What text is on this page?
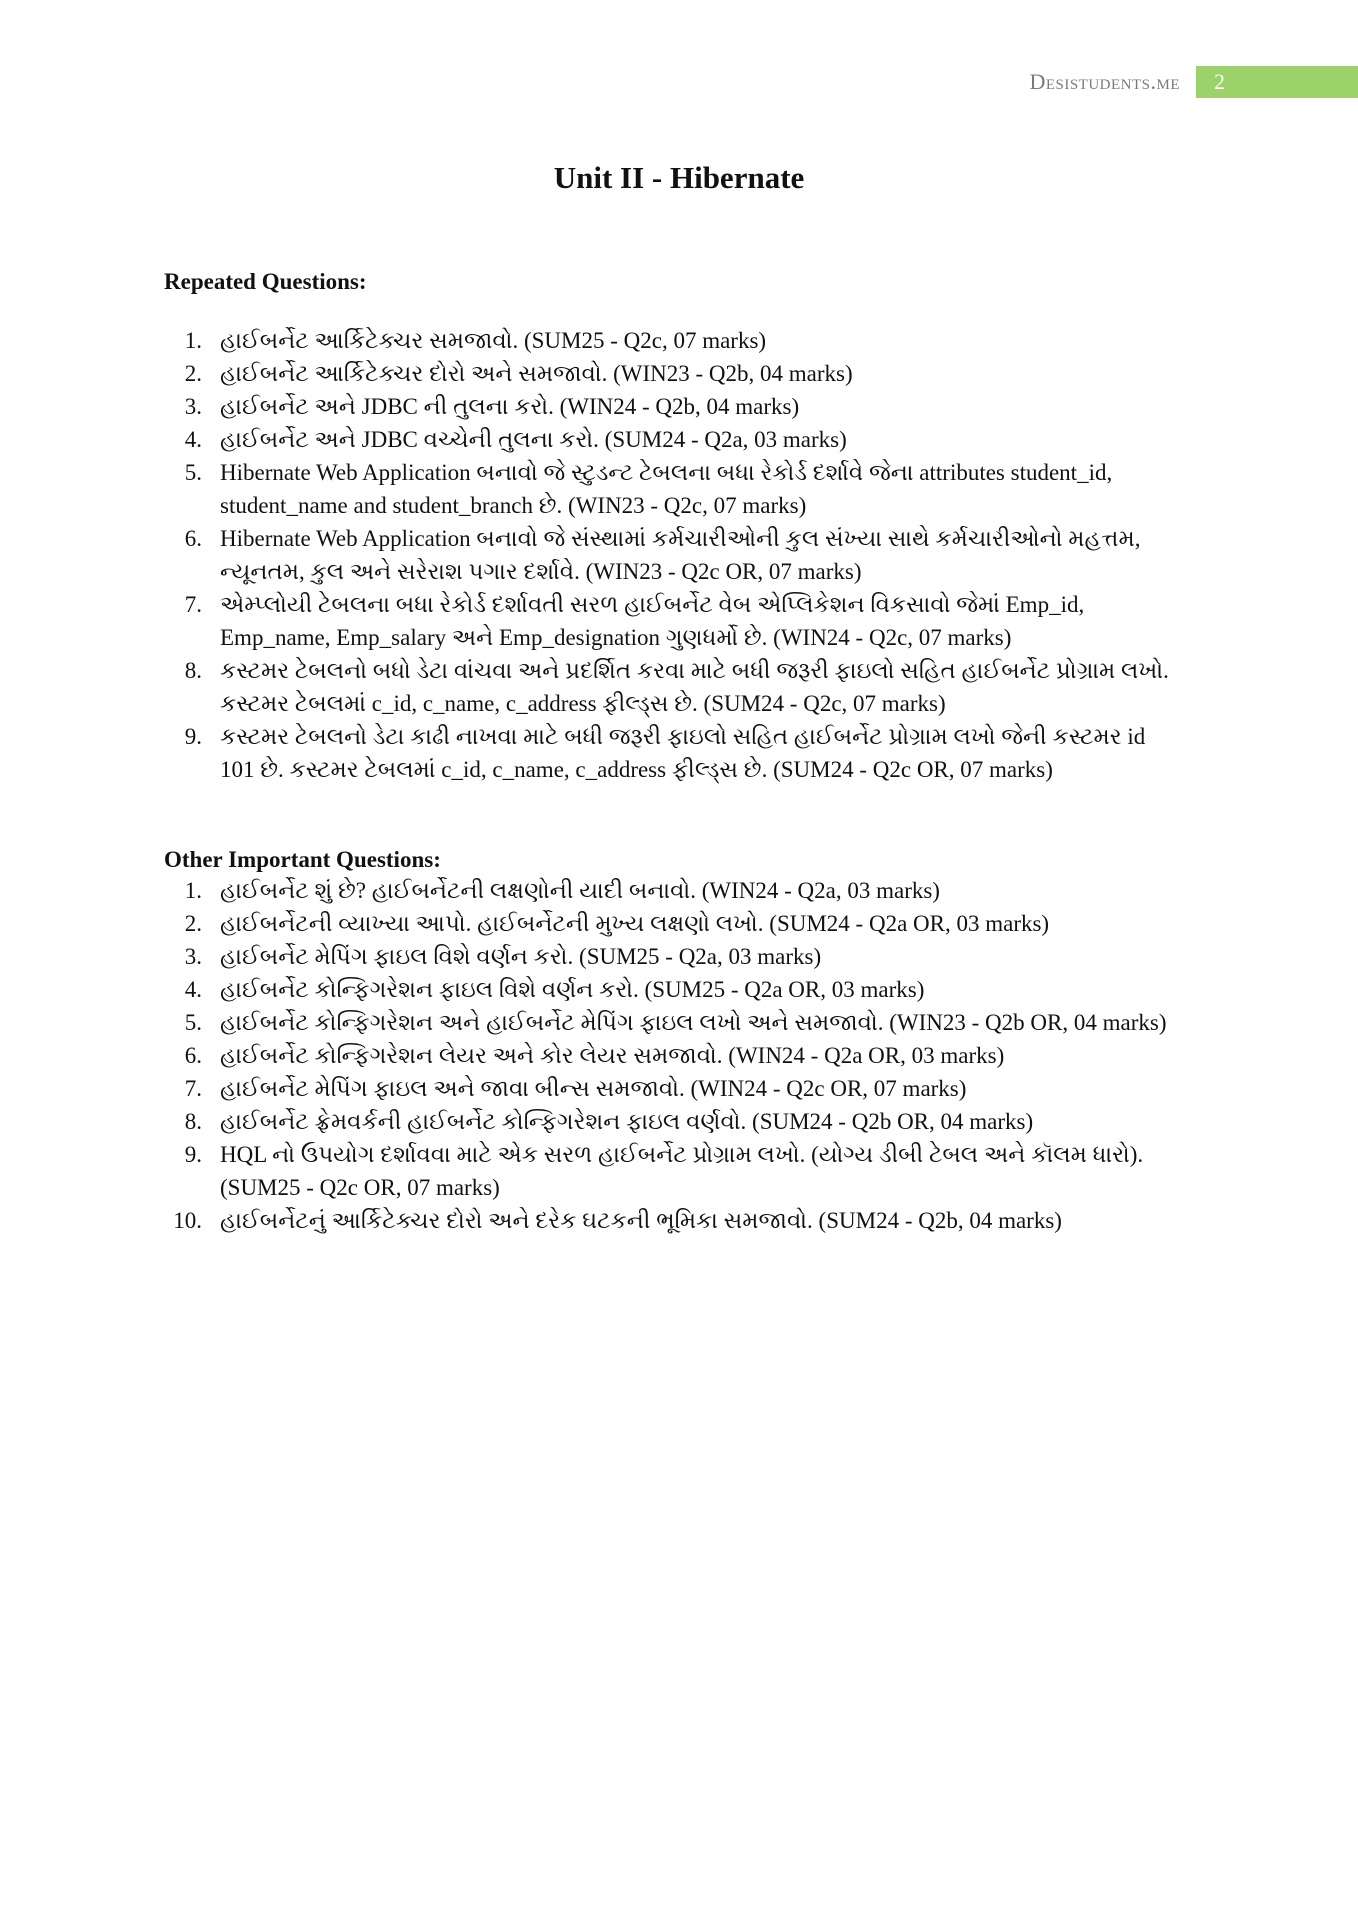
Desistudents.me	2
Unit II - Hibernate

Repeated Questions:

1. હાઈબર્નેટ આર્કિટેક્ચર સમજાવો. (SUM25 - Q2c, 07 marks)
2. હાઈબર્નેટ આર્કિટેક્ચર દોરો અને સમજાવો. (WIN23 - Q2b, 04 marks)
3. હાઈબર્નેટ અને JDBC ની તુલના કરો. (WIN24 - Q2b, 04 marks)
4. હાઈબર્નેટ અને JDBC વચ્ચેની તુલના કરો. (SUM24 - Q2a, 03 marks)
5. Hibernate Web Application બનાવો જે સ્ટુડન્ટ ટેબલના બધા રેકોર્ડ દર્શાવે જેના attributes student_id, student_name and student_branch છે. (WIN23 - Q2c, 07 marks)
6. Hibernate Web Application બનાવો જે સંસ્થામાં કર્મચારીઓની કુલ સંખ્યા સાથે કર્મચારીઓનો મહત્તમ, ન્યૂનતમ, કુલ અને સરેરાશ પગાર દર્શાવે. (WIN23 - Q2c OR, 07 marks)
7. એમ્પ્લોયી ટેબલના બધા રેકોર્ડ દર્શાવતી સરળ હાઈબર્નેટ વેબ એપ્લિકેશન વિકસાવો જેમાં Emp_id, Emp_name, Emp_salary અને Emp_designation ગુણધર્મો છે. (WIN24 - Q2c, 07 marks)
8. કસ્ટમર ટેબલનો બધો ડેટા વાંચવા અને પ્રદર્શિત કરવા માટે બધી જરૂરી ફાઇલો સહિત હાઈબર્નેટ પ્રોગ્રામ લખો. કસ્ટમર ટેબલમાં c_id, c_name, c_address ફીલ્ડ્સ છે. (SUM24 - Q2c, 07 marks)
9. કસ્ટમર ટેબલનો ડેટા કાઢી નાખવા માટે બધી જરૂરી ફાઇલો સહિત હાઈબર્નેટ પ્રોગ્રામ લખો જેની કસ્ટમર id 101 છે. કસ્ટમર ટેબલમાં c_id, c_name, c_address ફીલ્ડ્સ છે. (SUM24 - Q2c OR, 07 marks)

Other Important Questions:

1. હાઈબર્નેટ શું છે? હાઈબર્નેટની લક્ષણોની યાદી બનાવો. (WIN24 - Q2a, 03 marks)
2. હાઈબર્નેટની વ્યાખ્યા આપો. હાઈબર્નેટની મુખ્ય લક્ષણો લખો. (SUM24 - Q2a OR, 03 marks)
3. હાઈબર્નેટ મેપિંગ ફાઇલ વિશે વર્ણન કરો. (SUM25 - Q2a, 03 marks)
4. હાઈબર્નેટ કોન્ફિગરેશન ફાઇલ વિશે વર્ણન કરો. (SUM25 - Q2a OR, 03 marks)
5. હાઈબર્નેટ કોન્ફિગરેશન અને હાઈબર્નેટ મેપિંગ ફાઇલ લખો અને સમજાવો. (WIN23 - Q2b OR, 04 marks)
6. હાઈબર્નેટ કોન્ફિગરેશન લેયર અને કોર લેયર સમજાવો. (WIN24 - Q2a OR, 03 marks)
7. હાઈબર્નેટ મેપિંગ ફાઇલ અને જાવા બીન્સ સમજાવો. (WIN24 - Q2c OR, 07 marks)
8. હાઈબર્નેટ ફ્રેમવર્કની હાઈબર્નેટ કોન્ફિગરેશન ફાઇલ વર્ણવો. (SUM24 - Q2b OR, 04 marks)
9. HQL નો ઉપયોગ દર્શાવવા માટે એક સરળ હાઈબર્નેટ પ્રોગ્રામ લખો. (યોગ્ય ડીબી ટેબલ અને કૉલમ ધારો). (SUM25 - Q2c OR, 07 marks)
10. હાઈબર્નેટનું આર્કિટેક્ચર દોરો અને દરેક ઘટકની ભૂમિકા સમજાવો. (SUM24 - Q2b, 04 marks)
